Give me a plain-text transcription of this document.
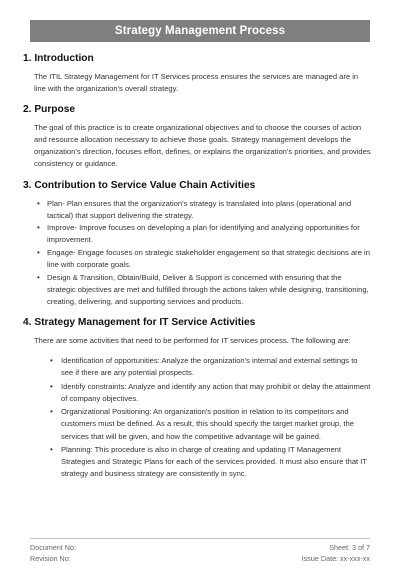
Strategy Management Process
1. Introduction

The ITIL Strategy Management for IT Services process ensures the services are managed are in line with the organization's overall strategy.

2. Purpose

The goal of this practice is to create organizational objectives and to choose the courses of action and resource allocation necessary to achieve those goals. Strategy management develops the organization's direction, focuses effort, defines, or explains the organization's priorities, and provides consistency or guidance.

3. Contribution to Service Value Chain Activities
• Plan- Plan ensures that the organization's strategy is translated into plans (operational and tactical) that support delivering the strategy.
• Improve- Improve focuses on developing a plan for identifying and analyzing opportunities for improvement.
• Engage- Engage focuses on strategic stakeholder engagement so that strategic decisions are in line with corporate goals.
• Design & Transition, Obtain/Build, Deliver & Support is concerned with ensuring that the strategic objectives are met and fulfilled through the actions taken while designing, transitioning, creating, delivering, and supporting services and products.
4. Strategy Management for IT Service Activities

There are some activities that need to be performed for IT services process. The following are:

• Identification of opportunities: Analyze the organization's internal and external settings to see if there are any potential prospects.
• Identify constraints: Analyze and identify any action that may prohibit or delay the attainment of company objectives.
• Organizational Positioning: An organization's position in relation to its competitors and customers must be defined. As a result, this should specify the target market group, the services that will be given, and how the competitive advantage will be gained.
• Planning: This procedure is also in charge of creating and updating IT Management Strategies and Strategic Plans for each of the services provided. It must also ensure that IT strategy and business strategy are consistently in sync.
Document No:	Sheet: 3 of 7
Revision No:	Issue Date: xx-xxx-xx
